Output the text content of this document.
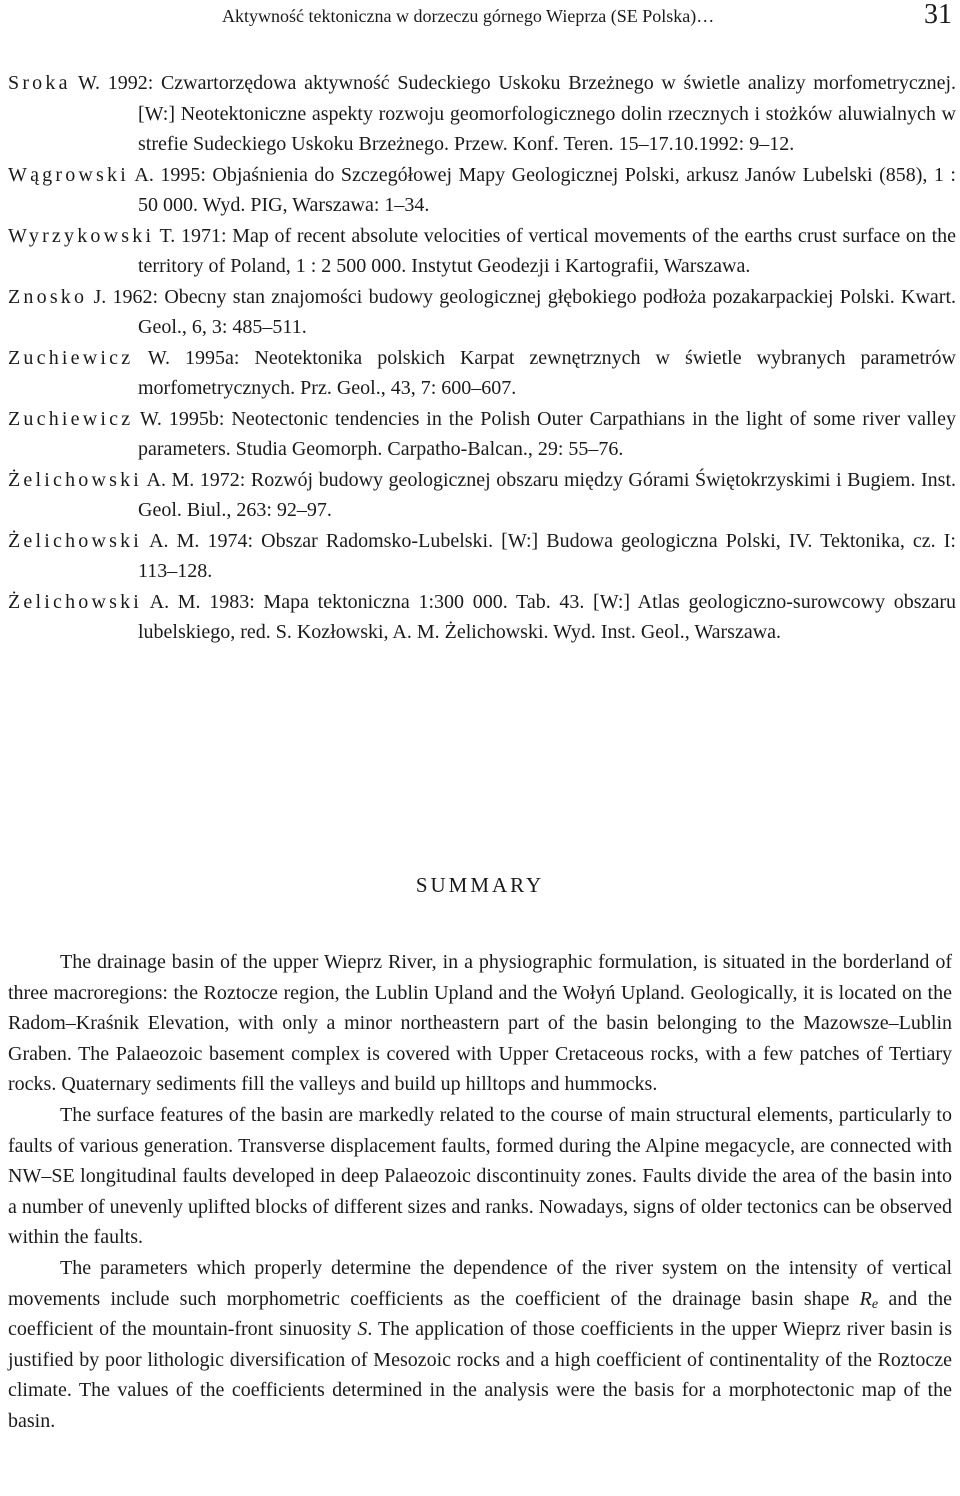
Aktywność tektoniczna w dorzeczu górnego Wieprza (SE Polska)…	31
Sroka W. 1992: Czwartorzędowa aktywność Sudeckiego Uskoku Brzeżnego w świetle analizy morfometrycznej. [W:] Neotektoniczne aspekty rozwoju geomorfologicznego dolin rzecznych i stożków aluwialnych w strefie Sudeckiego Uskoku Brzeżnego. Przew. Konf. Teren. 15–17.10.1992: 9–12.
Wągrowski A. 1995: Objaśnienia do Szczegółowej Mapy Geologicznej Polski, arkusz Janów Lubelski (858), 1 : 50 000. Wyd. PIG, Warszawa: 1–34.
Wyrzykowski T. 1971: Map of recent absolute velocities of vertical movements of the earths crust surface on the territory of Poland, 1 : 2 500 000. Instytut Geodezji i Kartografii, Warszawa.
Znosko J. 1962: Obecny stan znajomości budowy geologicznej głębokiego podłoża pozakarpackiej Polski. Kwart. Geol., 6, 3: 485–511.
Zuchiewicz W. 1995a: Neotektonika polskich Karpat zewnętrznych w świetle wybranych parametrów morfometrycznych. Prz. Geol., 43, 7: 600–607.
Zuchiewicz W. 1995b: Neotectonic tendencies in the Polish Outer Carpathians in the light of some river valley parameters. Studia Geomorph. Carpatho-Balcan., 29: 55–76.
Żelichowski A. M. 1972: Rozwój budowy geologicznej obszaru między Górami Świętokrzyskimi i Bugiem. Inst. Geol. Biul., 263: 92–97.
Żelichowski A. M. 1974: Obszar Radomsko-Lubelski. [W:] Budowa geologiczna Polski, IV. Tektonika, cz. I: 113–128.
Żelichowski A. M. 1983: Mapa tektoniczna 1:300 000. Tab. 43. [W:] Atlas geologiczno-surowcowy obszaru lubelskiego, red. S. Kozłowski, A. M. Żelichowski. Wyd. Inst. Geol., Warszawa.
SUMMARY

The drainage basin of the upper Wieprz River, in a physiographic formulation, is situated in the borderland of three macroregions: the Roztocze region, the Lublin Upland and the Wołyń Upland. Geologically, it is located on the Radom–Kraśnik Elevation, with only a minor northeastern part of the basin belonging to the Mazowsze–Lublin Graben. The Palaeozoic basement complex is covered with Upper Cretaceous rocks, with a few patches of Tertiary rocks. Quaternary sediments fill the valleys and build up hilltops and hummocks.

The surface features of the basin are markedly related to the course of main structural elements, particularly to faults of various generation. Transverse displacement faults, formed during the Alpine megacycle, are connected with NW–SE longitudinal faults developed in deep Palaeozoic discontinuity zones. Faults divide the area of the basin into a number of unevenly uplifted blocks of different sizes and ranks. Nowadays, signs of older tectonics can be observed within the faults.

The parameters which properly determine the dependence of the river system on the intensity of vertical movements include such morphometric coefficients as the coefficient of the drainage basin shape $R_e$ and the coefficient of the mountain-front sinuosity S. The application of those coefficients in the upper Wieprz river basin is justified by poor lithologic diversification of Mesozoic rocks and a high coefficient of continentality of the Roztocze climate. The values of the coefficients determined in the analysis were the basis for a morphotectonic map of the basin.
